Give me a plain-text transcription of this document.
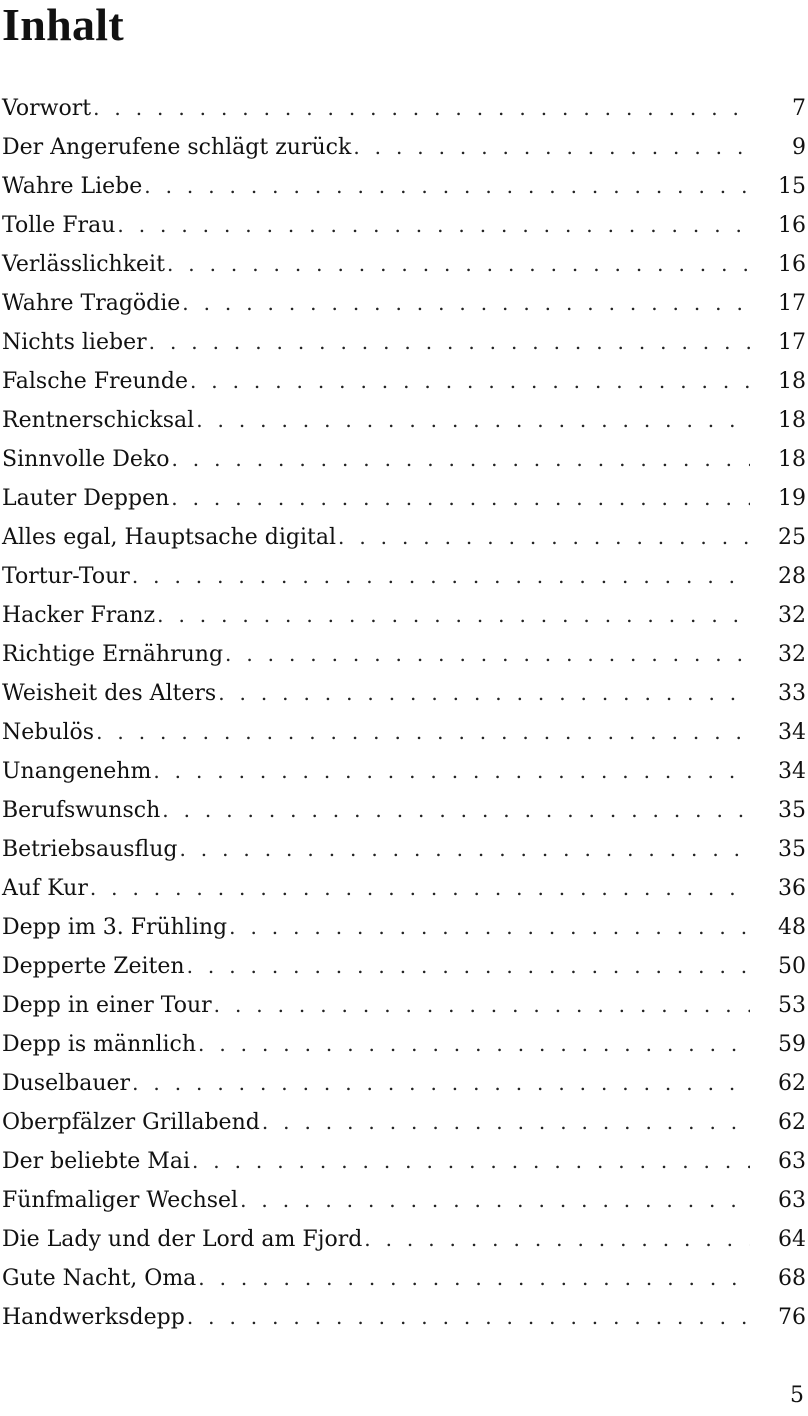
Inhalt
Vorwort . . .	7
Der Angerufene schlägt zurück . . .	9
Wahre Liebe . . .	15
Tolle Frau . . .	16
Verlässlichkeit . . .	16
Wahre Tragödie . . .	17
Nichts lieber . . .	17
Falsche Freunde . . .	18
Rentnerschicksal . . .	18
Sinnvolle Deko . . .	18
Lauter Deppen . . .	19
Alles egal, Hauptsache digital . . .	25
Tortur-Tour . . .	28
Hacker Franz . . .	32
Richtige Ernährung . . .	32
Weisheit des Alters . . .	33
Nebulös . . .	34
Unangenehm . . .	34
Berufswunsch . . .	35
Betriebsausflug . . .	35
Auf Kur . . .	36
Depp im 3. Frühling . . .	48
Depperte Zeiten . . .	50
Depp in einer Tour . . .	53
Depp is männlich . . .	59
Duselbauer . . .	62
Oberpfälzer Grillabend . . .	62
Der beliebte Mai . . .	63
Fünfmaliger Wechsel . . .	63
Die Lady und der Lord am Fjord . . .	64
Gute Nacht, Oma . . .	68
Handwerksdepp . . .	76
5
